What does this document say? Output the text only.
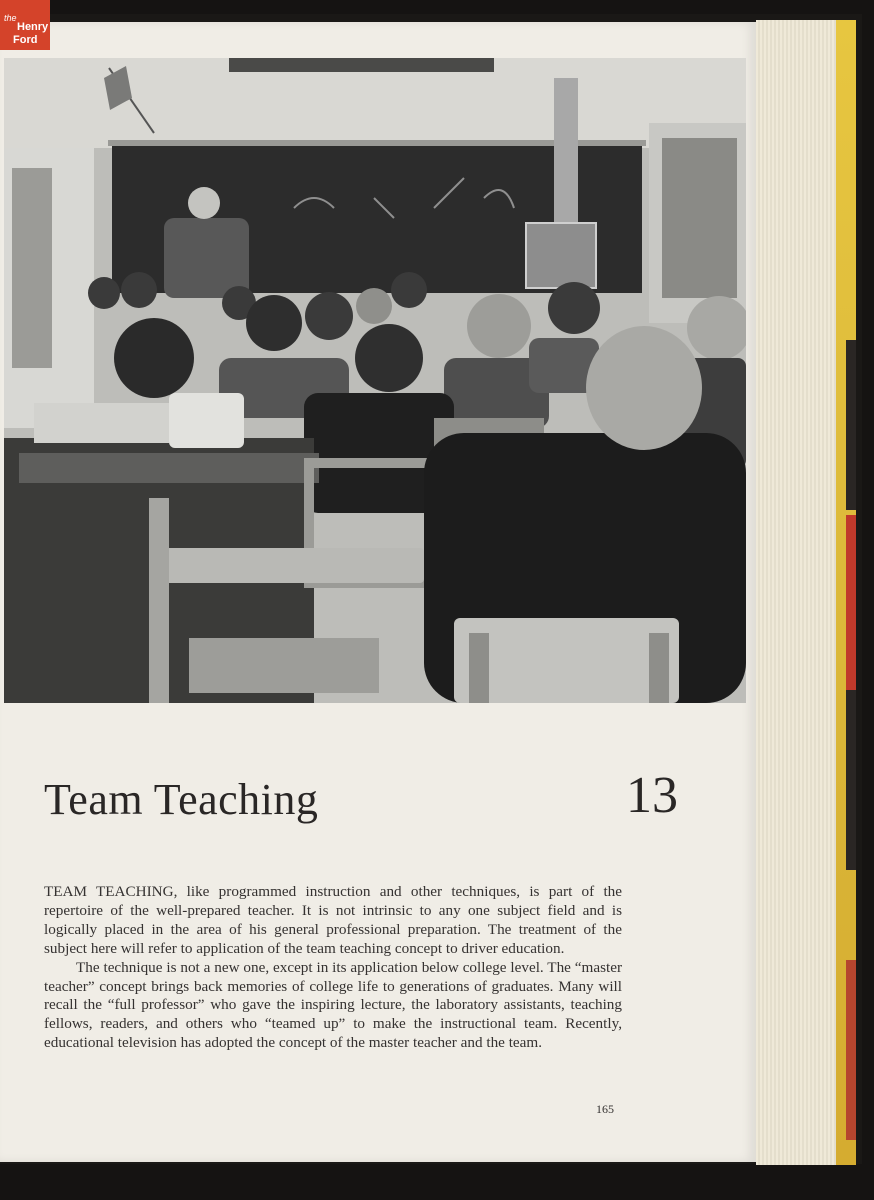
Team Teaching	13

TEAM TEACHING, like programmed instruction and other techniques, is part of the repertoire of the well-prepared teacher. It is not intrinsic to any one subject field and is logically placed in the area of his general professional preparation. The treatment of the subject here will refer to application of the team teaching concept to driver education.

The technique is not a new one, except in its application below college level. The “master teacher” concept brings back memories of college life to generations of graduates. Many will recall the “full professor” who gave the inspiring lecture, the laboratory assistants, teaching fellows, readers, and others who “teamed up” to make the instructional team. Recently, educational television has adopted the concept of the master teacher and the team.

165
the
Henry
Ford
